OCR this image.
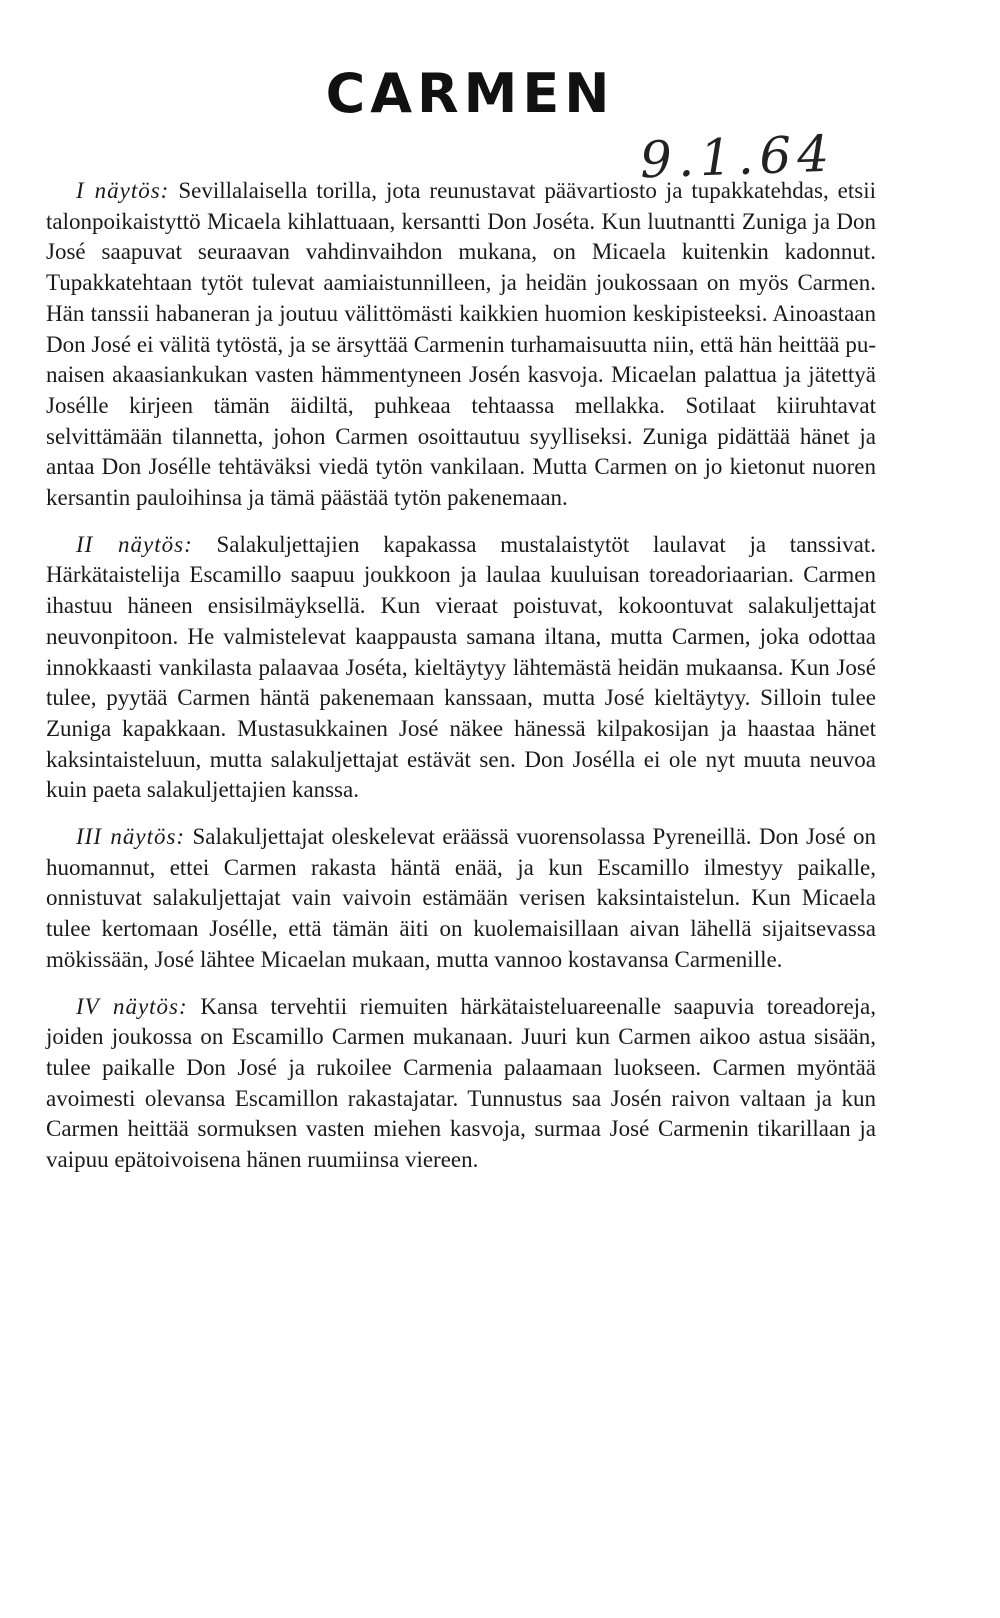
CARMEN
9.1.64

I näytös: Sevillalaisella torilla, jota reunustavat päävartiosto ja tupakkatehdas, etsii talonpoikaistyttö Micaela kihlattuaan, kersantti Don Joséta. Kun luutnantti Zuniga ja Don José saapuvat seuraavan vahdinvaihdon mukana, on Micaela kuitenkin kadonnut. Tupakkatehtaan tytöt tulevat aamiaistunnilleen, ja heidän joukossaan on myös Carmen. Hän tanssii habaneran ja joutuu välittömästi kaikkien huomion keskipisteeksi. Ainoastaan Don José ei välitä tytöstä, ja se ärsyttää Carmenin turhamaisuutta niin, että hän heittää punaisen akaasiankukan vasten hämmentyneen Josén kasvoja. Micaelan palattua ja jätettyä Josélle kirjeen tämän äidiltä, puhkeaa tehtaassa mellakka. Sotilaat kiiruhtavat selvittämään tilannetta, johon Carmen osoittautuu syylliseksi. Zuniga pidättää hänet ja antaa Don Josélle tehtäväksi viedä tytön vankilaan. Mutta Carmen on jo kietonut nuoren kersantin pauloihinsa ja tämä päästää tytön pakenemaan.

II näytös: Salakuljettajien kapakassa mustalaistytöt laulavat ja tanssivat. Härkätaistelija Escamillo saapuu joukkoon ja laulaa kuuluisan toreadoriaarian. Carmen ihastuu häneen ensisilmäyksellä. Kun vieraat poistuvat, kokoontuvat salakuljettajat neuvonpitoon. He valmistelevat kaappausta samana iltana, mutta Carmen, joka odottaa innokkaasti vankilasta palaavaa Joséta, kieltäytyy lähtemästä heidän mukaansa. Kun José tulee, pyytää Carmen häntä pakenemaan kanssaan, mutta José kieltäytyy. Silloin tulee Zuniga kapakkaan. Mustasukkainen José näkee hänessä kilpakosijan ja haastaa hänet kaksintaisteluun, mutta salakuljettajat estävät sen. Don Josélla ei ole nyt muuta neuvoa kuin paeta salakuljettajien kanssa.

III näytös: Salakuljettajat oleskelevat eräässä vuorensolassa Pyreneillä. Don José on huomannut, ettei Carmen rakasta häntä enää, ja kun Escamillo ilmestyy paikalle, onnistuvat salakuljettajat vain vaivoin estämään verisen kaksintaistelun. Kun Micaela tulee kertomaan Josélle, että tämän äiti on kuolemaisillaan aivan lähellä sijaitsevassa mökissään, José lähtee Micaelan mukaan, mutta vannoo kostavansa Carmenille.

IV näytös: Kansa tervehtii riemuiten härkätaisteluareenalle saapuvia toreadoreja, joiden joukossa on Escamillo Carmen mukanaan. Juuri kun Carmen aikoo astua sisään, tulee paikalle Don José ja rukoilee Carmenia palaamaan luokseen. Carmen myöntää avoimesti olevansa Escamillon rakastajatar. Tunnustus saa Josén raivon valtaan ja kun Carmen heittää sormuksen vasten miehen kasvoja, surmaa José Carmenin tikarillaan ja vaipuu epätoivoisena hänen ruumiinsa viereen.
